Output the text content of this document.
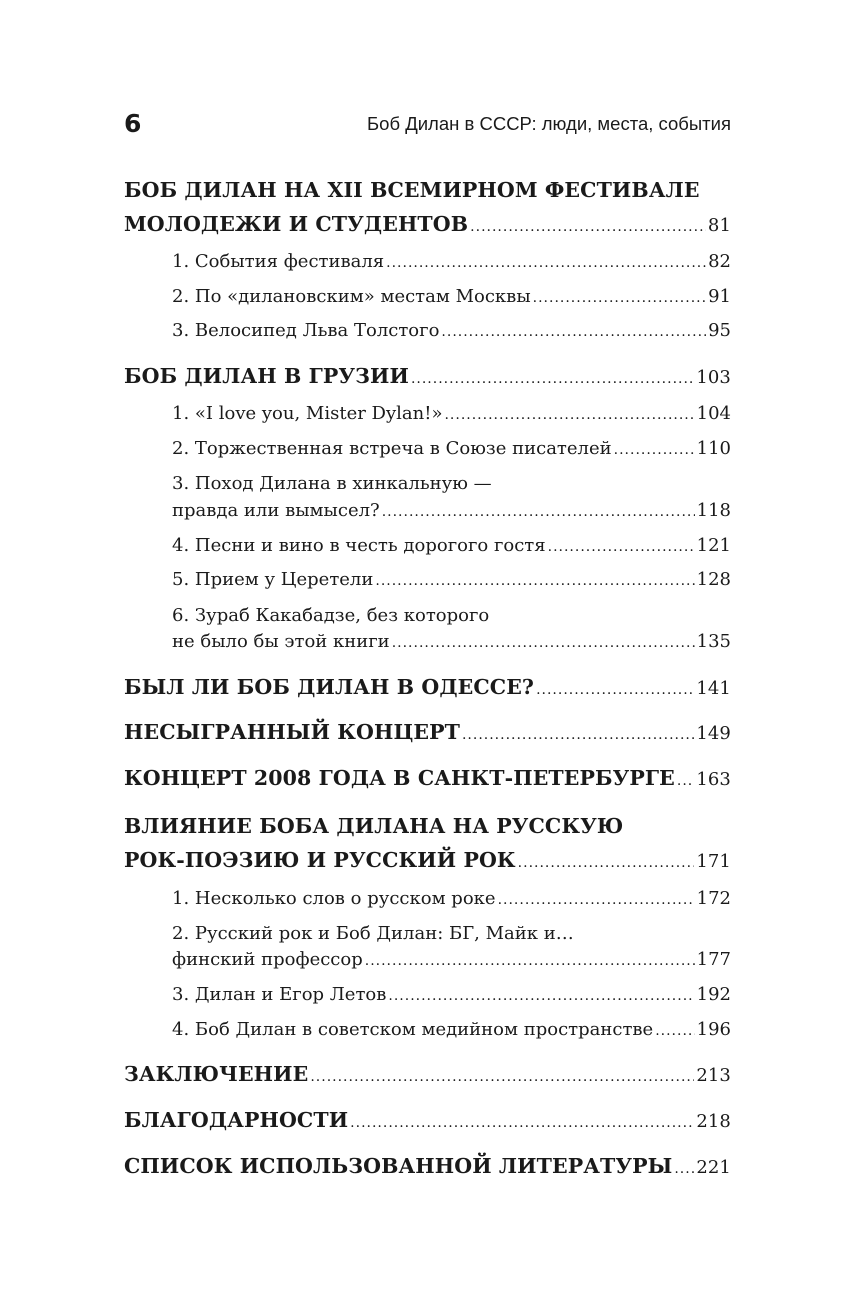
6	Боб Дилан в СССР: люди, места, события
БОБ ДИЛАН НА XII ВСЕМИРНОМ ФЕСТИВАЛЕ
МОЛОДЕЖИ И СТУДЕНТОВ .....	81
1. События фестиваля .....	82
2. По «дилановским» местам Москвы .....	91
3. Велосипед Льва Толстого .....	95
БОБ ДИЛАН В ГРУЗИИ .....	103
1. «I love you, Mister Dylan!» .....	104
2. Торжественная встреча в Союзе писателей .....	110
3. Поход Дилана в хинкальную —
правда или вымысел? .....	118
4. Песни и вино в честь дорогого гостя .....	121
5. Прием у Церетели .....	128
6. Зураб Какабадзе, без которого
не было бы этой книги .....	135
БЫЛ ЛИ БОБ ДИЛАН В ОДЕССЕ? .....	141
НЕСЫГРАННЫЙ КОНЦЕРТ .....	149
КОНЦЕРТ 2008 ГОДА В САНКТ-ПЕТЕРБУРГЕ ..... 163
ВЛИЯНИЕ БОБА ДИЛАНА НА РУССКУЮ
РОК-ПОЭЗИЮ И РУССКИЙ РОК .....	171
1. Несколько слов о русском роке .....	172
2. Русский рок и Боб Дилан: БГ, Майк и…
финский профессор .....	177
3. Дилан и Егор Летов .....	192
4. Боб Дилан в советском медийном пространстве ..... 196
ЗАКЛЮЧЕНИЕ .....	213
БЛАГОДАРНОСТИ .....	218
СПИСОК ИСПОЛЬЗОВАННОЙ ЛИТЕРАТУРЫ ..... 221
